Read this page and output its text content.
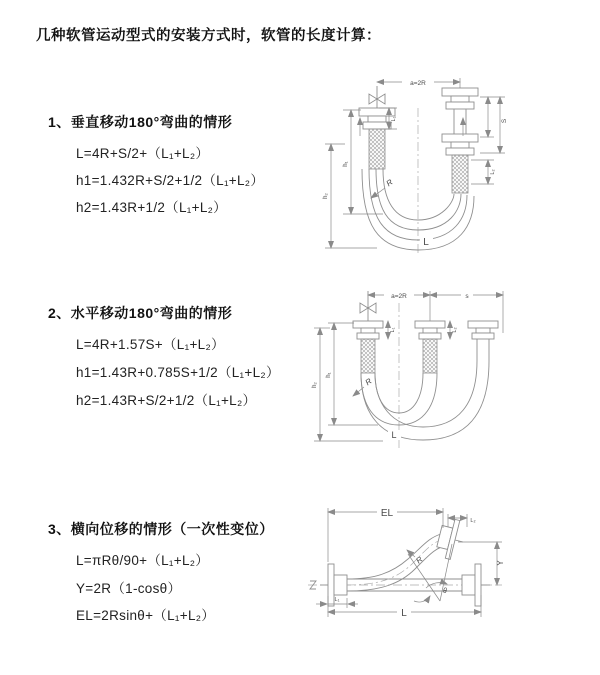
几种软管运动型式的安装方式时，软管的长度计算：
1、垂直移动180°弯曲的情形
L=4R+S/2+（L₁+L₂）
h1=1.432R+S/2+1/2（L₁+L₂）
h2=1.43R+1/2（L₁+L₂）
a=2R
h₂
h₁
L₁	S
L₂
R
L
2、水平移动180°弯曲的情形
L=4R+1.57S+（L₁+L₂）
h1=1.43R+0.785S+1/2（L₁+L₂）
h2=1.43R+S/2+1/2（L₁+L₂）
a=2R	s
h₂
h₁
L₁	L₂
R
L
3、横向位移的情形（一次性变位）
L=πRθ/90+（L₁+L₂）
Y=2R（1-cosθ）
EL=2Rsinθ+（L₁+L₂）
θ
EL
L₂
Y
L
L₁
R
